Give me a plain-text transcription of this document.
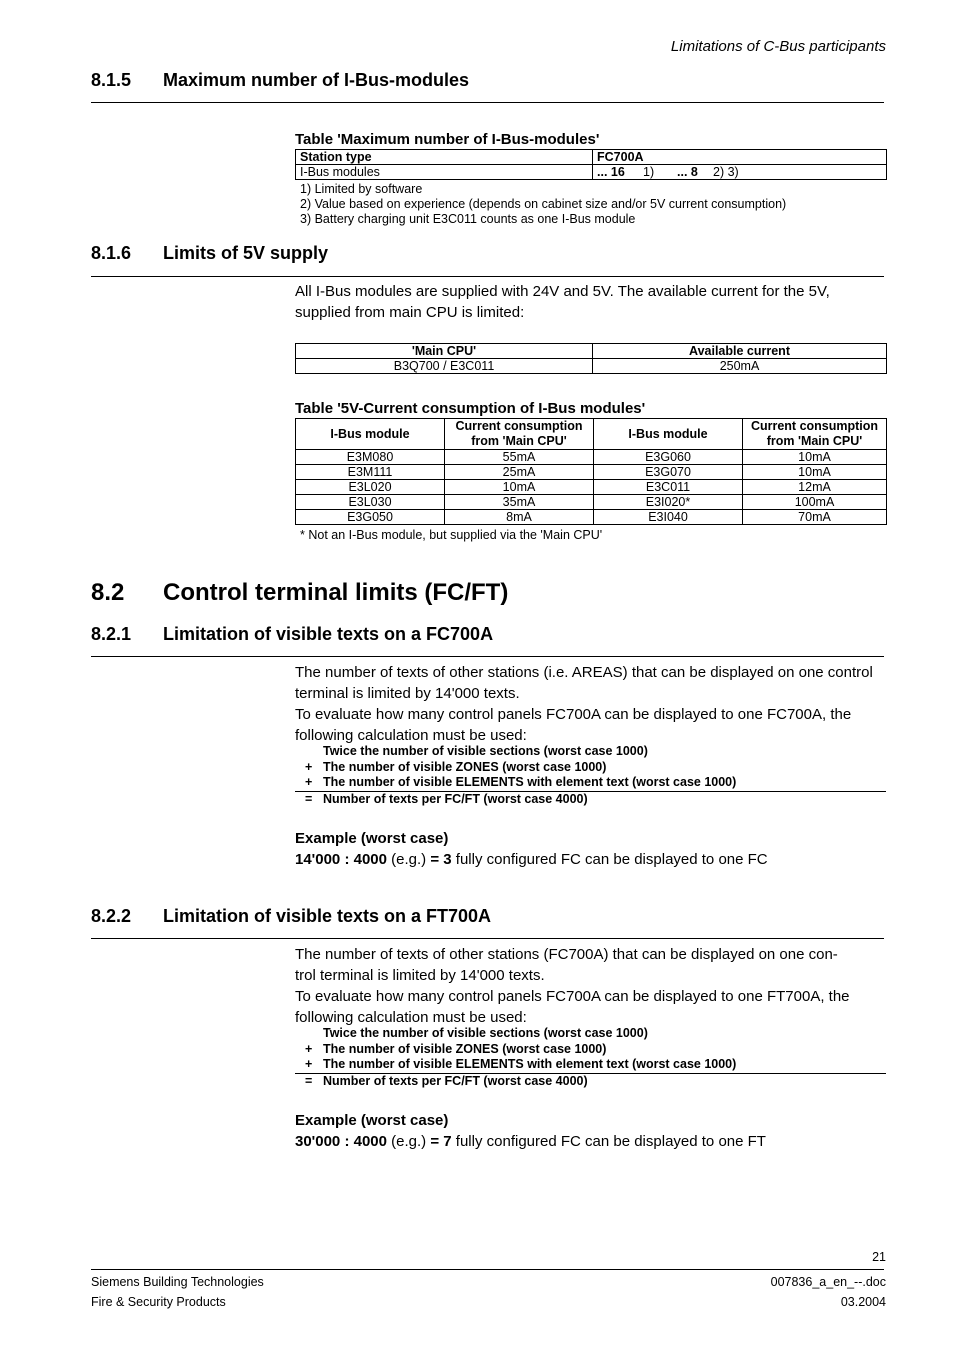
Limitations of C-Bus participants
8.1.5 Maximum number of I-Bus-modules
Table 'Maximum number of I-Bus-modules'
Station type	FC700A
I-Bus modules	... 16 1) ... 8 2) 3)
1) Limited by software
2) Value based on experience (depends on cabinet size and/or 5V current consumption)
3) Battery charging unit E3C011 counts as one I-Bus module
8.1.6 Limits of 5V supply
All I-Bus modules are supplied with 24V and 5V. The available current for the 5V, supplied from main CPU is limited:
'Main CPU'	Available current
B3Q700 / E3C011	250mA
Table '5V-Current consumption of I-Bus modules'
I-Bus module	Current consumption from 'Main CPU'	I-Bus module	Current consumption from 'Main CPU'
E3M080	55mA	E3G060	10mA
E3M111	25mA	E3G070	10mA
E3L020	10mA	E3C011	12mA
E3L030	35mA	E3I020*	100mA
E3G050	8mA	E3I040	70mA
* Not an I-Bus module, but supplied via the 'Main CPU'
8.2 Control terminal limits (FC/FT)
8.2.1 Limitation of visible texts on a FC700A
The number of texts of other stations (i.e. AREAS) that can be displayed on one control terminal is limited by 14'000 texts.
To evaluate how many control panels FC700A can be displayed to one FC700A, the following calculation must be used:
Twice the number of visible sections (worst case 1000)
+ The number of visible ZONES (worst case 1000)
+ The number of visible ELEMENTS with element text (worst case 1000)
= Number of texts per FC/FT (worst case 4000)
Example (worst case)
14'000 : 4000 (e.g.) = 3 fully configured FC can be displayed to one FC
8.2.2 Limitation of visible texts on a FT700A
The number of texts of other stations (FC700A) that can be displayed on one con-
trol terminal is limited by 14'000 texts.
To evaluate how many control panels FC700A can be displayed to one FT700A, the following calculation must be used:
Twice the number of visible sections (worst case 1000)
+ The number of visible ZONES (worst case 1000)
+ The number of visible ELEMENTS with element text (worst case 1000)
= Number of texts per FC/FT (worst case 4000)
Example (worst case)
30'000 : 4000 (e.g.) = 7 fully configured FC can be displayed to one FT
21
Siemens Building Technologies
Fire & Security Products
007836_a_en_--.doc
03.2004
